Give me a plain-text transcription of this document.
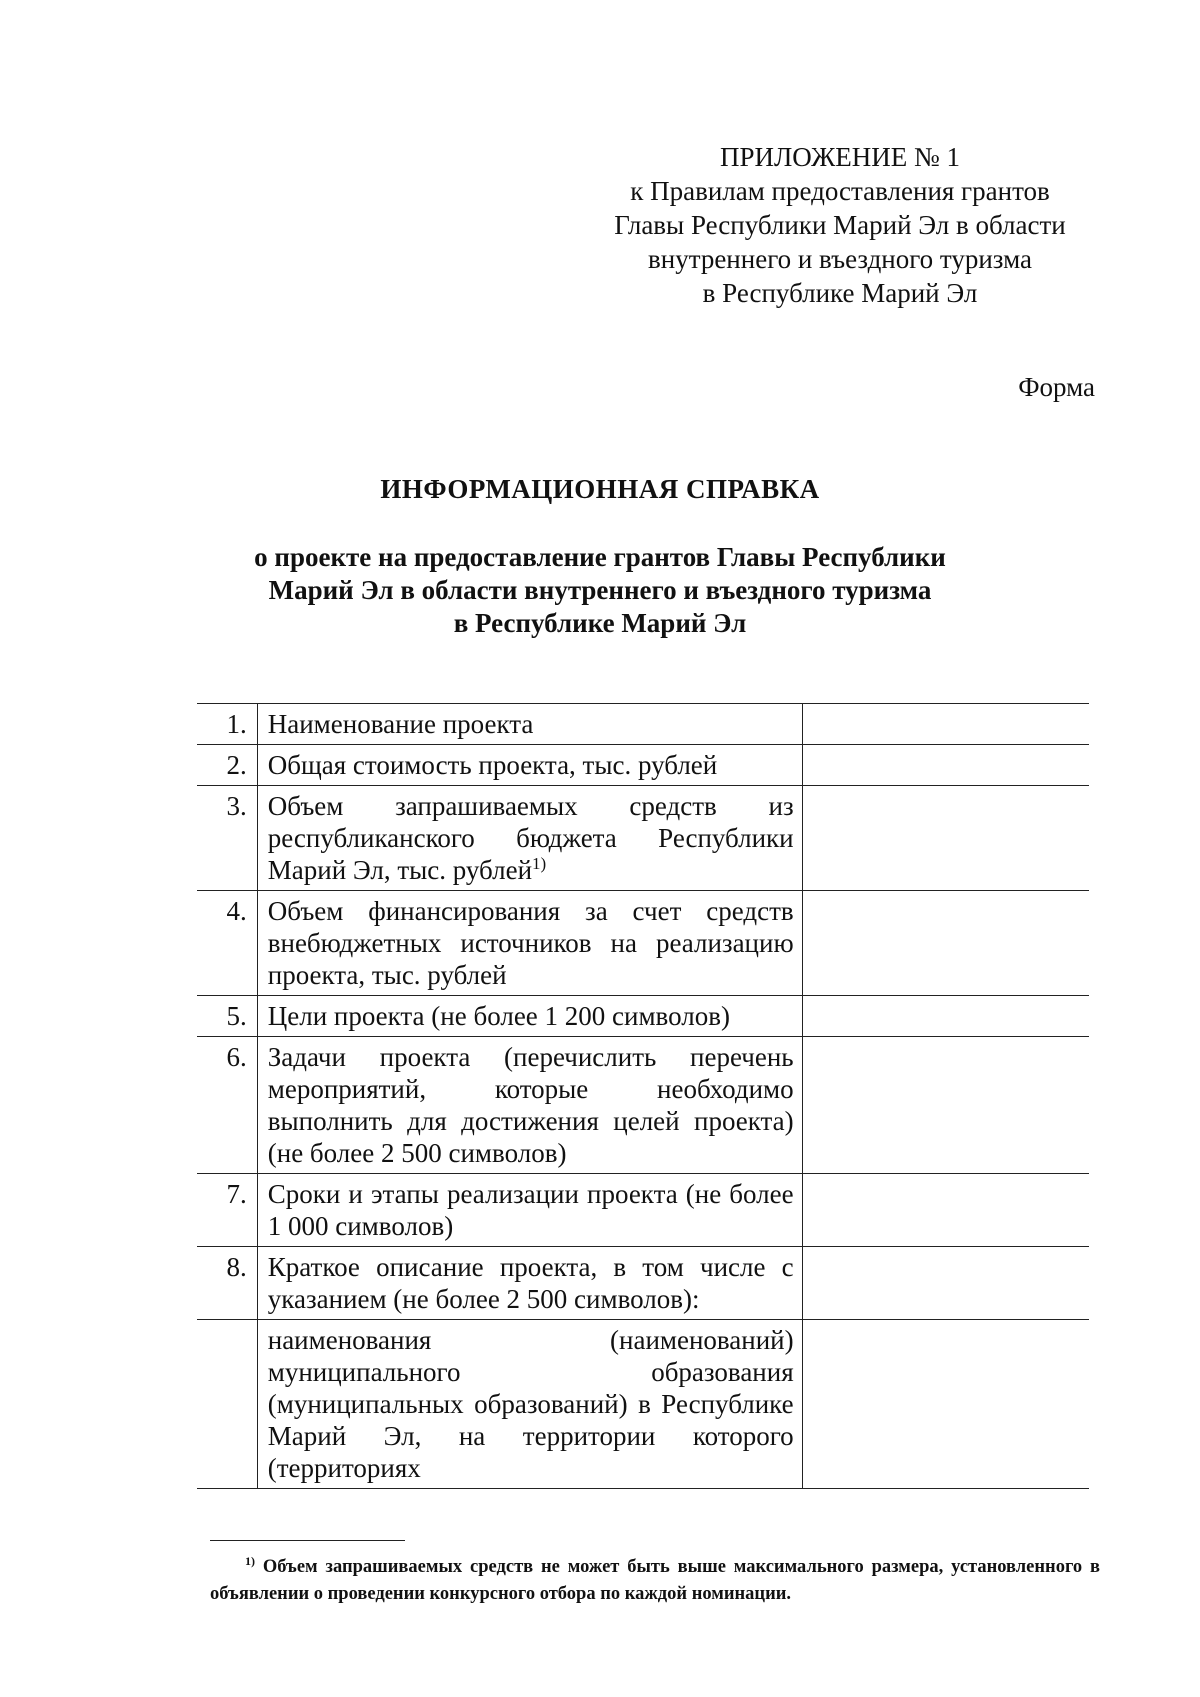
ПРИЛОЖЕНИЕ № 1
к Правилам предоставления грантов
Главы Республики Марий Эл в области
внутреннего и въездного туризма
в Республике Марий Эл
Форма
ИНФОРМАЦИОННАЯ СПРАВКА
о проекте на предоставление грантов Главы Республики
Марий Эл в области внутреннего и въездного туризма
в Республике Марий Эл
1.	Наименование проекта	
2.	Общая стоимость проекта, тыс. рублей	
3.	Объем запрашиваемых средств из республиканского бюджета Республики Марий Эл, тыс. рублей$^{1)}$	
4.	Объем финансирования за счет средств внебюджетных источников на реализацию проекта, тыс. рублей	
5.	Цели проекта (не более 1 200 символов)	
6.	Задачи проекта (перечислить перечень мероприятий, которые необходимо выполнить для достижения целей проекта) (не более 2 500 символов)	
7.	Сроки и этапы реализации проекта (не более 1 000 символов)	
8.	Краткое описание проекта, в том числе с указанием (не более 2 500 символов):	
	наименования (наименований) муниципального образования (муниципальных образований) в Республике Марий Эл, на территории которого (территориях	
$^{1)}$ Объем запрашиваемых средств не может быть выше максимального размера, установленного в объявлении о проведении конкурсного отбора по каждой номинации.
